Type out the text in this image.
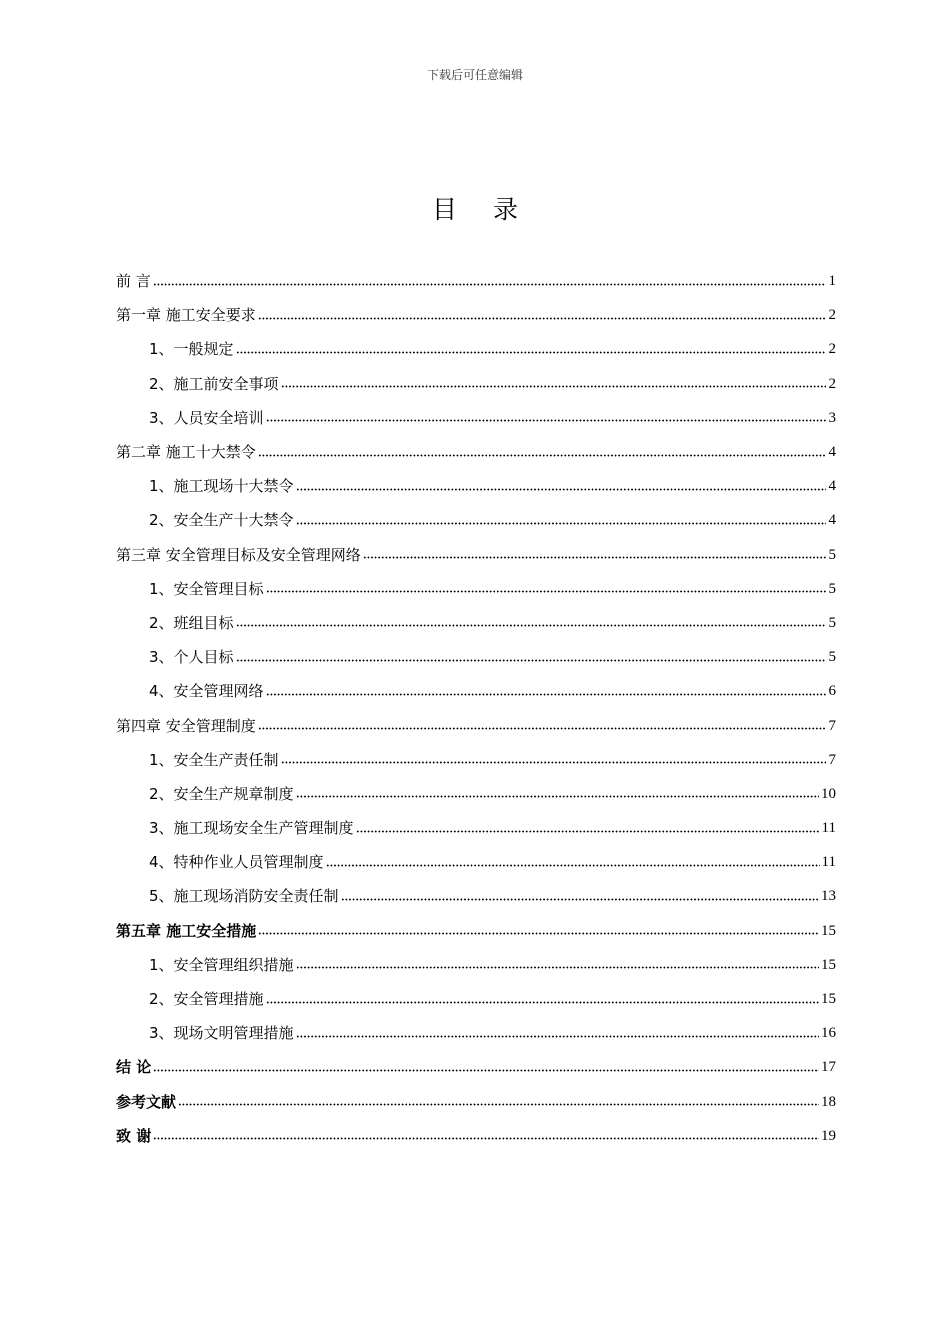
下载后可任意编辑
目 录
前 言	1
第一章 施工安全要求	2
1、一般规定	2
2、施工前安全事项	2
3、人员安全培训	3
第二章 施工十大禁令	4
1、施工现场十大禁令	4
2、安全生产十大禁令	4
第三章 安全管理目标及安全管理网络	5
1、安全管理目标	5
2、班组目标	5
3、个人目标	5
4、安全管理网络	6
第四章 安全管理制度	7
1、安全生产责任制	7
2、安全生产规章制度	10
3、施工现场安全生产管理制度	11
4、特种作业人员管理制度	11
5、施工现场消防安全责任制	13
第五章 施工安全措施	15
1、安全管理组织措施	15
2、安全管理措施	15
3、现场文明管理措施	16
结 论	17
参考文献	18
致 谢	19
